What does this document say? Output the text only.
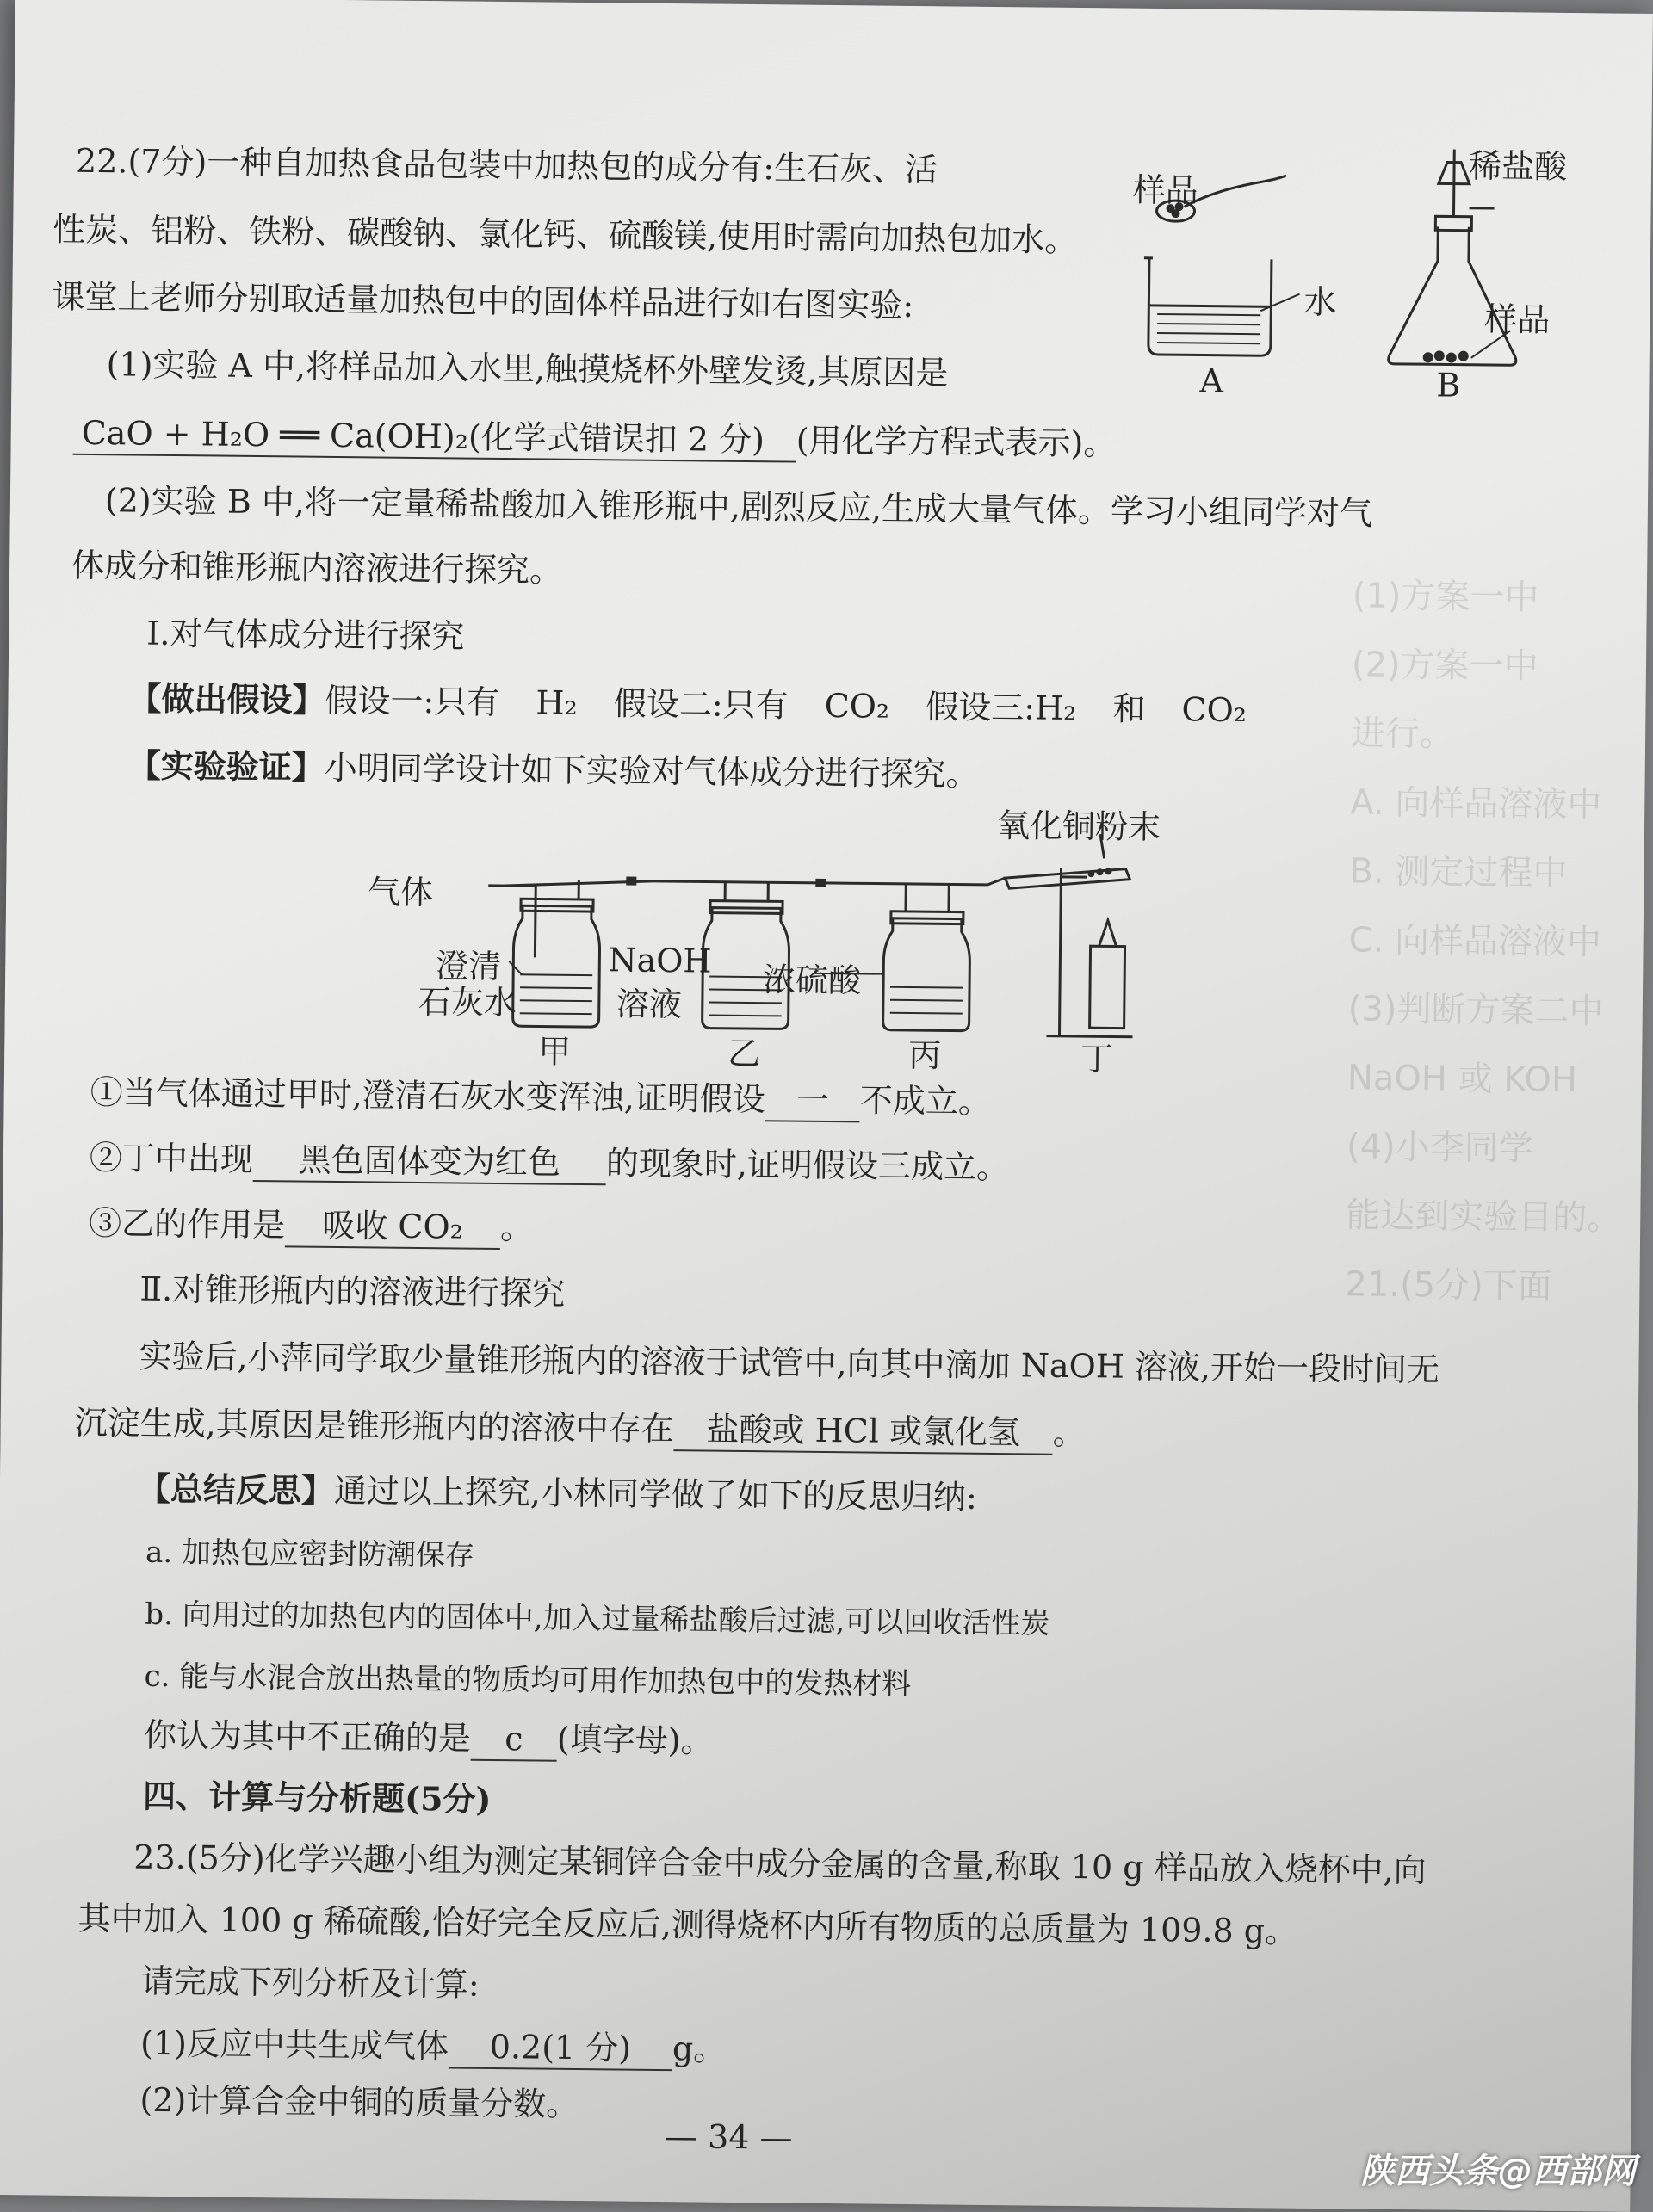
(1)方案一中
(2)方案一中
进行。
A. 向样品溶液中
B. 测定过程中
C. 向样品溶液中
(3)判断方案二中
NaOH 或 KOH
(4)小李同学
能达到实验目的。
21.(5分)下面
22.(7分)一种自加热食品包装中加热包的成分有:生石灰、活
性炭、铝粉、铁粉、碳酸钠、氯化钙、硫酸镁,使用时需向加热包加水。
课堂上老师分别取适量加热包中的固体样品进行如右图实验:
样品
水
A
稀盐酸
样品
B
(1)实验 A 中,将样品加入水里,触摸烧杯外壁发烫,其原因是
CaO + H₂O ══ Ca(OH)₂(化学式错误扣 2 分) (用化学方程式表示)。
(2)实验 B 中,将一定量稀盐酸加入锥形瓶中,剧烈反应,生成大量气体。学习小组同学对气
体成分和锥形瓶内溶液进行探究。
Ⅰ.对气体成分进行探究
【做出假设】假设一:只有 H₂ 假设二:只有 CO₂ 假设三:H₂ 和 CO₂
【实验验证】小明同学设计如下实验对气体成分进行探究。
气体
澄清
石灰水
NaOH
溶液
浓硫酸
氧化铜粉末
甲	乙	丙	丁
①当气体通过甲时,澄清石灰水变浑浊,证明假设 一 不成立。
②丁中出现 黑色固体变为红色 的现象时,证明假设三成立。
③乙的作用是 吸收 CO₂ 。
Ⅱ.对锥形瓶内的溶液进行探究
实验后,小萍同学取少量锥形瓶内的溶液于试管中,向其中滴加 NaOH 溶液,开始一段时间无
沉淀生成,其原因是锥形瓶内的溶液中存在 盐酸或 HCl 或氯化氢 。
【总结反思】通过以上探究,小林同学做了如下的反思归纳:
a. 加热包应密封防潮保存
b. 向用过的加热包内的固体中,加入过量稀盐酸后过滤,可以回收活性炭
c. 能与水混合放出热量的物质均可用作加热包中的发热材料
你认为其中不正确的是 c (填字母)。
四、计算与分析题(5分)
23.(5分)化学兴趣小组为测定某铜锌合金中成分金属的含量,称取 10 g 样品放入烧杯中,向
其中加入 100 g 稀硫酸,恰好完全反应后,测得烧杯内所有物质的总质量为 109.8 g。
请完成下列分析及计算:
(1)反应中共生成气体 0.2(1 分) g。
(2)计算合金中铜的质量分数。
— 34 —
陕西头条@西部网
